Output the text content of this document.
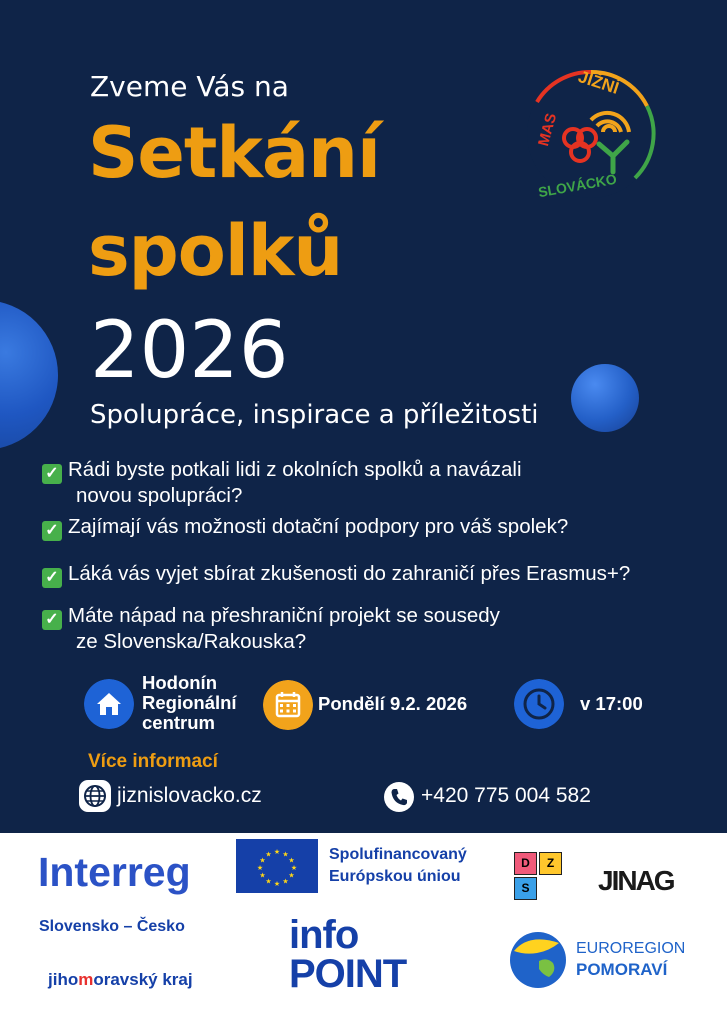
Zveme Vás na
Setkání
spolků
2026
Spolupráce, inspirace a příležitosti
MAS
JIŽNÍ
SLOVÁCKO
✓ Rádi byste potkali lidi z okolních spolků a navázali
novou spolupráci?
✓ Zajímají vás možnosti dotační podpory pro váš spolek?
✓ Láká vás vyjet sbírat zkušenosti do zahraničí přes Erasmus+?
✓ Máte nápad na přeshraniční projekt se sousedy
ze Slovenska/Rakouska?
Hodonín
Regionální
centrum
Pondělí 9.2. 2026	v 17:00
Více informací
jiznislovacko.cz	+420 775 004 582
Interreg
Slovensko – Česko
★ ★
★
★
★
★
★
★
★
★
★
★	Spolufinancovaný
Európskou úniou
D	Z
S JINAG
jihomoravský kraj
info
POINT
EUROREGION
POMORAVÍ
